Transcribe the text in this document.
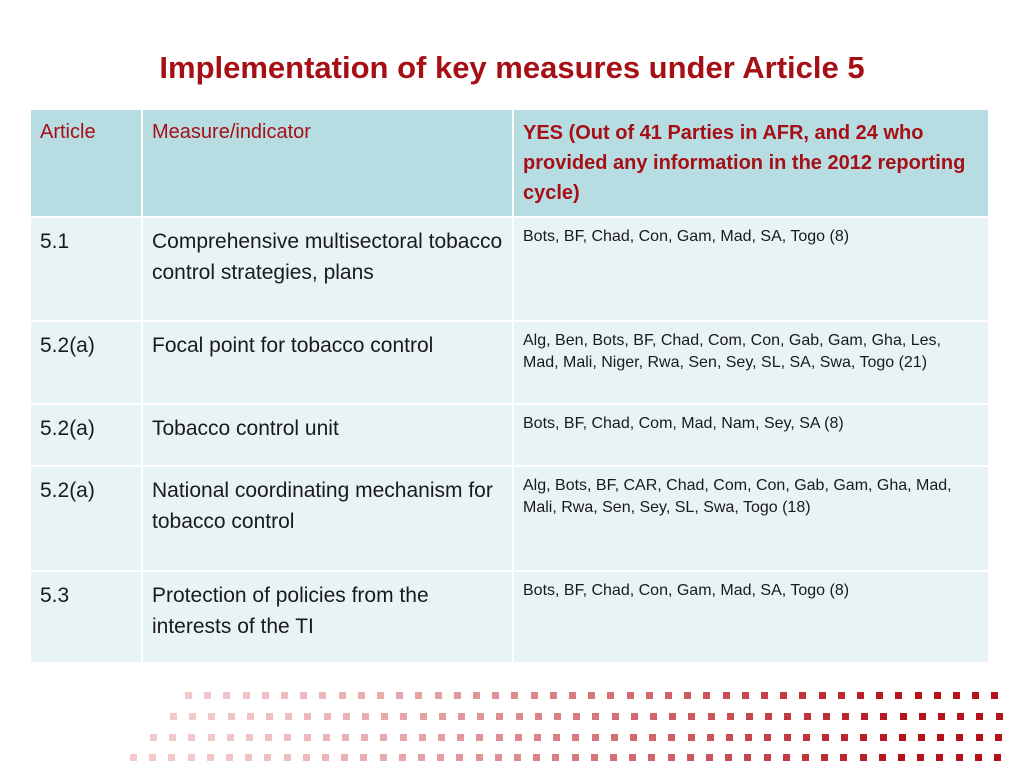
Implementation of key measures under Article 5
Article	Measure/indicator	YES (Out of 41 Parties in AFR, and 24 who provided any information in the 2012 reporting cycle)
5.1	Comprehensive multisectoral tobacco control strategies, plans	Bots, BF, Chad, Con, Gam, Mad, SA, Togo (8)
5.2(a)	Focal point for tobacco control	Alg, Ben, Bots, BF, Chad, Com, Con, Gab, Gam, Gha, Les, Mad, Mali, Niger, Rwa, Sen, Sey, SL, SA, Swa, Togo (21)
5.2(a)	Tobacco control unit	Bots, BF, Chad, Com, Mad, Nam, Sey, SA (8)
5.2(a)	National coordinating mechanism for tobacco control	Alg, Bots, BF, CAR, Chad, Com, Con, Gab, Gam, Gha, Mad, Mali, Rwa, Sen, Sey, SL, Swa, Togo (18)
5.3	Protection of policies from the interests of the TI	Bots, BF, Chad, Con, Gam, Mad, SA, Togo (8)
